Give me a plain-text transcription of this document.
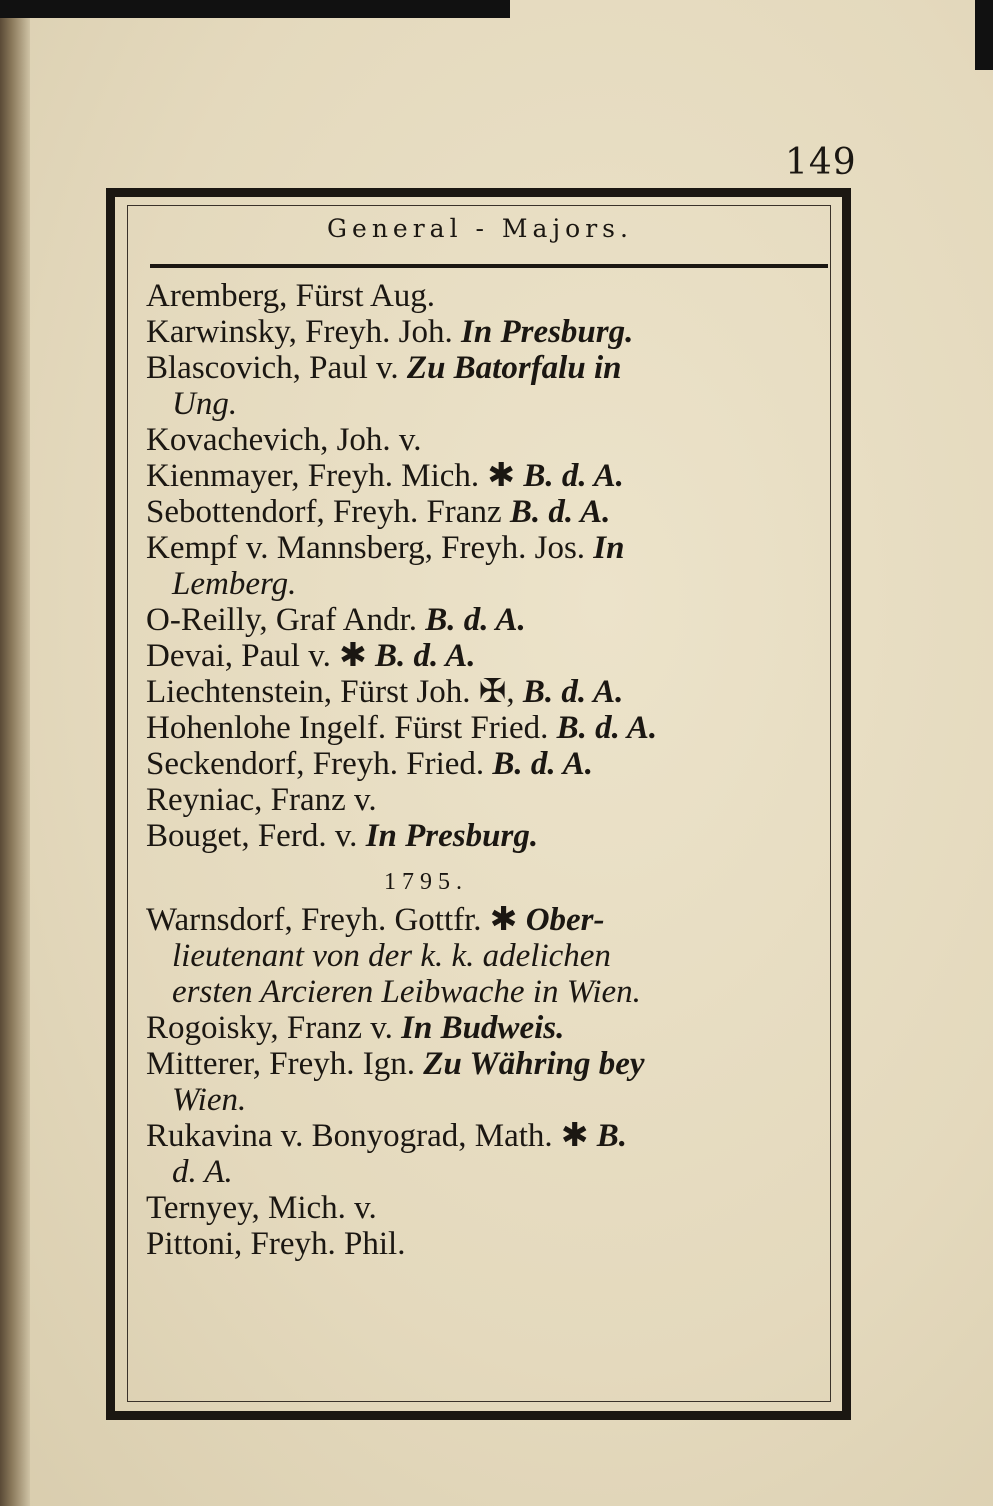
149
General - Majors.
Aremberg, Fürst Aug.
Karwinsky, Freyh. Joh. In Presburg.
Blascovich, Paul v. Zu Batorfalu in
Ung.
Kovachevich, Joh. v.
Kienmayer, Freyh. Mich. ✱ B. d. A.
Sebottendorf, Freyh. Franz B. d. A.
Kempf v. Mannsberg, Freyh. Jos. In
Lemberg.
O-Reilly, Graf Andr. B. d. A.
Devai, Paul v. ✱ B. d. A.
Liechtenstein, Fürst Joh. ✠, B. d. A.
Hohenlohe Ingelf. Fürst Fried. B. d. A.
Seckendorf, Freyh. Fried. B. d. A.
Reyniac, Franz v.
Bouget, Ferd. v. In Presburg.
1795.
Warnsdorf, Freyh. Gottfr. ✱ Ober-
lieutenant von der k. k. adelichen
ersten Arcieren Leibwache in Wien.
Rogoisky, Franz v. In Budweis.
Mitterer, Freyh. Ign. Zu Währing bey
Wien.
Rukavina v. Bonyograd, Math. ✱ B.
d. A.
Ternyey, Mich. v.
Pittoni, Freyh. Phil.
